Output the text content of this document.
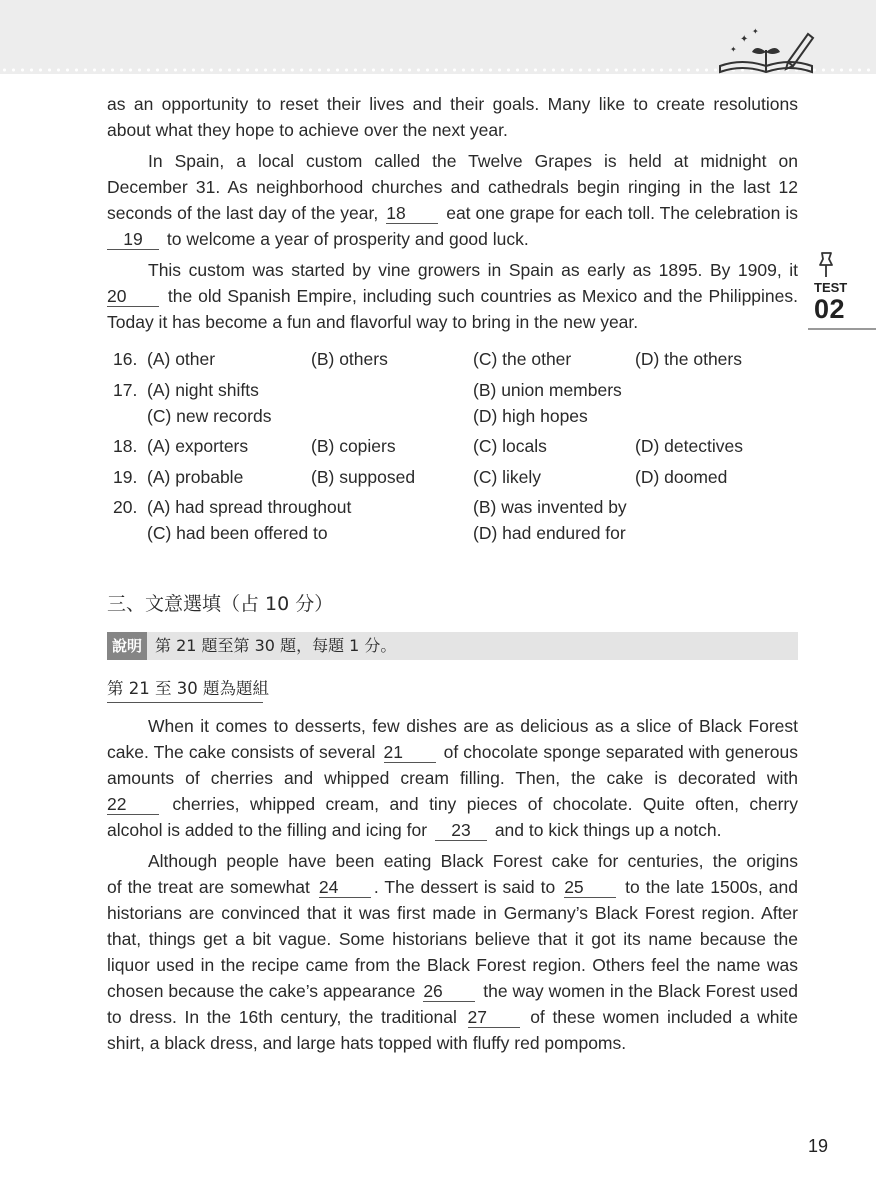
✦
✦
✦
TEST
02

as an opportunity to reset their lives and their goals. Many like to create resolutions
about what they hope to achieve over the next year.

In Spain, a local custom called the Twelve Grapes is held at midnight on
December 31. As neighborhood churches and cathedrals begin ringing in the last 12
seconds of the last day of the year, 18 eat one grape for each toll. The celebration is
19 to welcome a year of prosperity and good luck.

This custom was started by vine growers in Spain as early as 1895. By 1909, it
20 the old Spanish Empire, including such countries as Mexico and the Philippines.
Today it has become a fun and flavorful way to bring in the new year.

16. (A) other	(B) others	(C) the other	(D) the others
17. (A) night shifts	(B) union members
(C) new records	(D) high hopes
18. (A) exporters	(B) copiers	(C) locals	(D) detectives
19. (A) probable	(B) supposed	(C) likely	(D) doomed
20. (A) had spread throughout	(B) was invented by
(C) had been offered to	(D) had endured for
三、文意選填（占 10 分）
說明 第 21 題至第 30 題，每題 1 分。
第 21 至 30 題為題組

When it comes to desserts, few dishes are as delicious as a slice of Black Forest
cake. The cake consists of several 21 of chocolate sponge separated with generous
amounts of cherries and whipped cream filling. Then, the cake is decorated with
22	cherries, whipped cream, and tiny pieces of chocolate. Quite often, cherry
alcohol is added to the filling and icing for 23 and to kick things up a notch.

Although people have been eating Black Forest cake for centuries, the origins
of the treat are somewhat 24 . The dessert is said to 25 to the late 1500s, and
historians are convinced that it was first made in Germany’s Black Forest region. After
that, things get a bit vague. Some historians believe that it got its name because the
liquor used in the recipe came from the Black Forest region. Others feel the name was
chosen because the cake’s appearance 26 the way women in the Black Forest used
to dress. In the 16th century, the traditional 27 of these women included a white
shirt, a black dress, and large hats topped with fluffy red pompoms.

19
